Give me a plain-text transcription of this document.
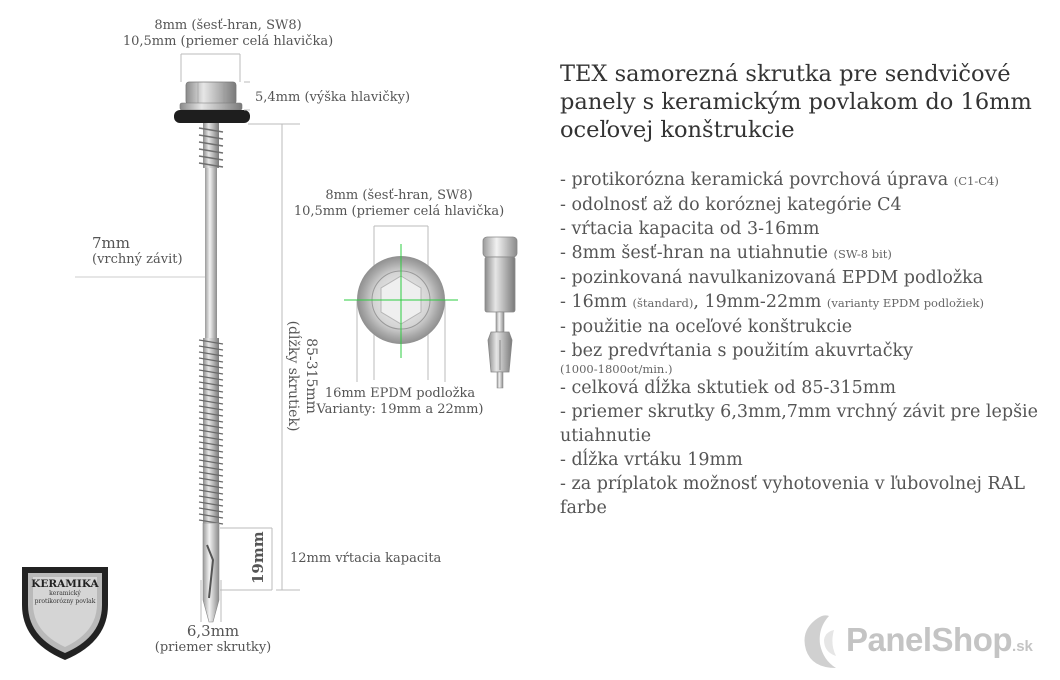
8mm (šesť-hran, SW8)
10,5mm (priemer celá hlavička)
5,4mm (výška hlavičky)
7mm
(vrchný závit)
85-315mm
(dĺžky skrutiek)
19mm 12mm vŕtacia kapacita
6,3mm
(priemer skrutky)
8mm (šesť-hran, SW8)
10,5mm (priemer celá hlavička)
16mm EPDM podložka
Varianty: 19mm a 22mm)
KERAMIKA
keramický
protikorózny povlak
TEX samorezná skrutka pre sendvičové panely s keramickým povlakom do 16mm oceľovej konštrukcie
- protikorózna keramická povrchová úprava (C1-C4)
- odolnosť až do koróznej kategórie C4
- vŕtacia kapacita od 3-16mm
- 8mm šesť-hran na utiahnutie (SW-8 bit)
- pozinkovaná navulkanizovaná EPDM podložka
- 16mm (štandard), 19mm-22mm (varianty EPDM podložiek)
- použitie na oceľové konštrukcie
- bez predvŕtania s použitím akuvrtačky
(1000-1800ot/min.)
- celková dĺžka sktutiek od 85-315mm
- priemer skrutky 6,3mm,7mm vrchný závit pre lepšie utiahnutie
- dĺžka vrtáku 19mm
- za príplatok možnosť vyhotovenia v ľubovolnej RAL farbe
PanelShop.sk
